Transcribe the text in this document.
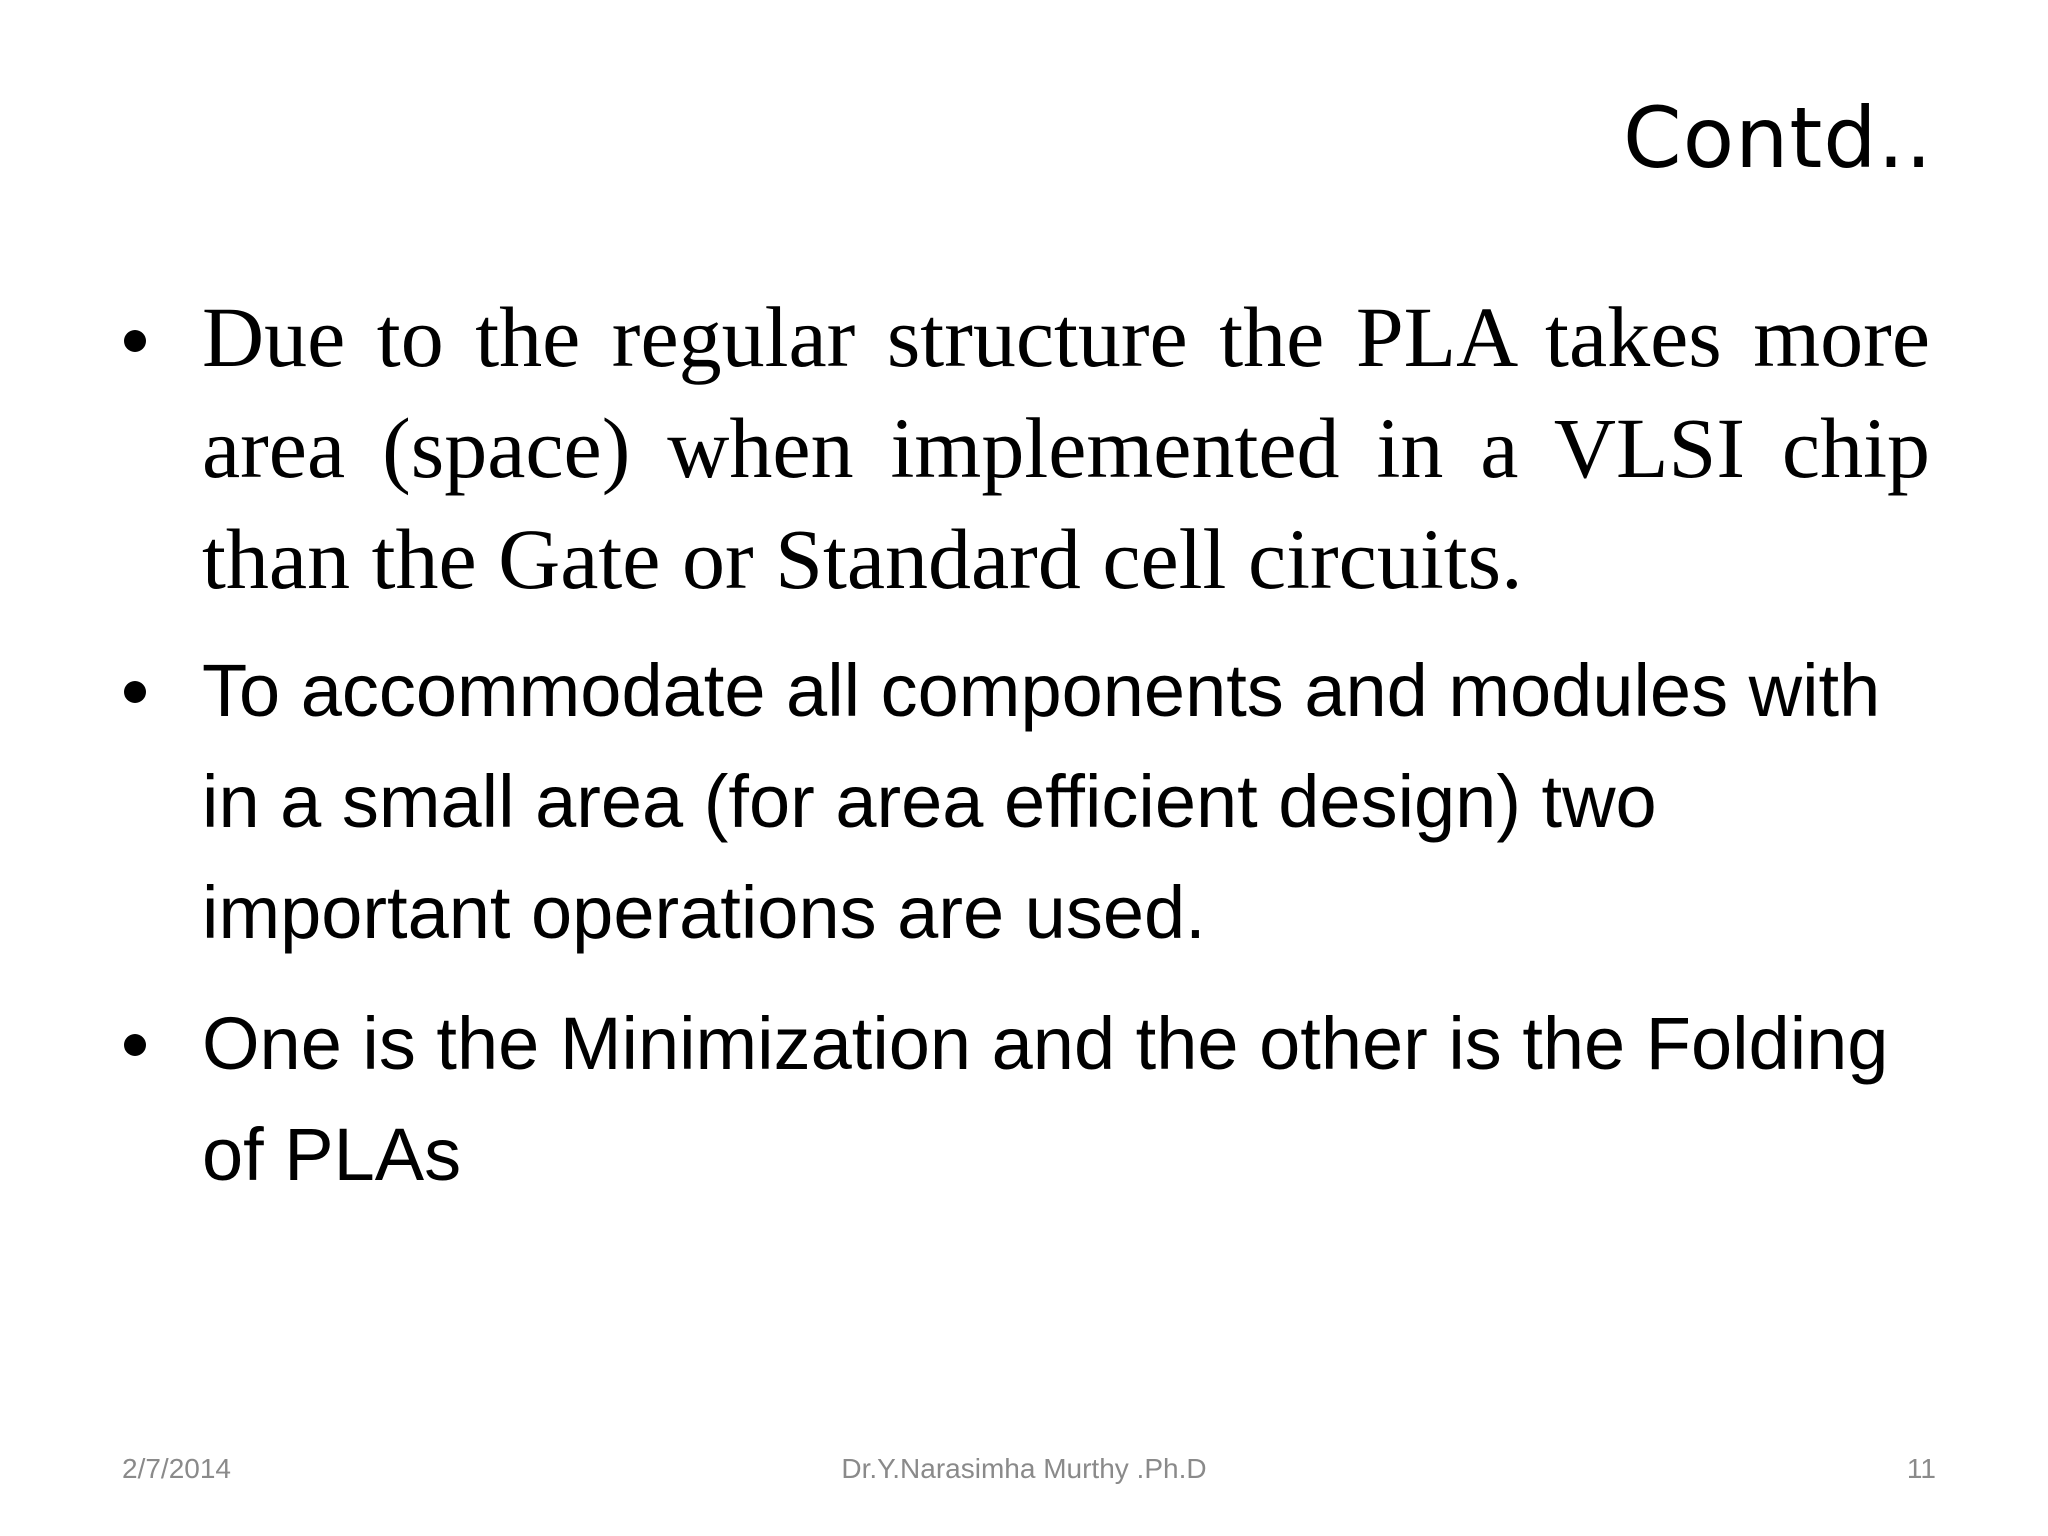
Contd..
Due to the regular structure the PLA takes more area (space) when implemented in a VLSI chip than the Gate or Standard cell circuits.
To accommodate all components and modules with in a small area (for area efficient design) two important operations are used.
One is the Minimization and the other is the Folding of PLAs
2/7/2014	Dr.Y.Narasimha Murthy .Ph.D	11
